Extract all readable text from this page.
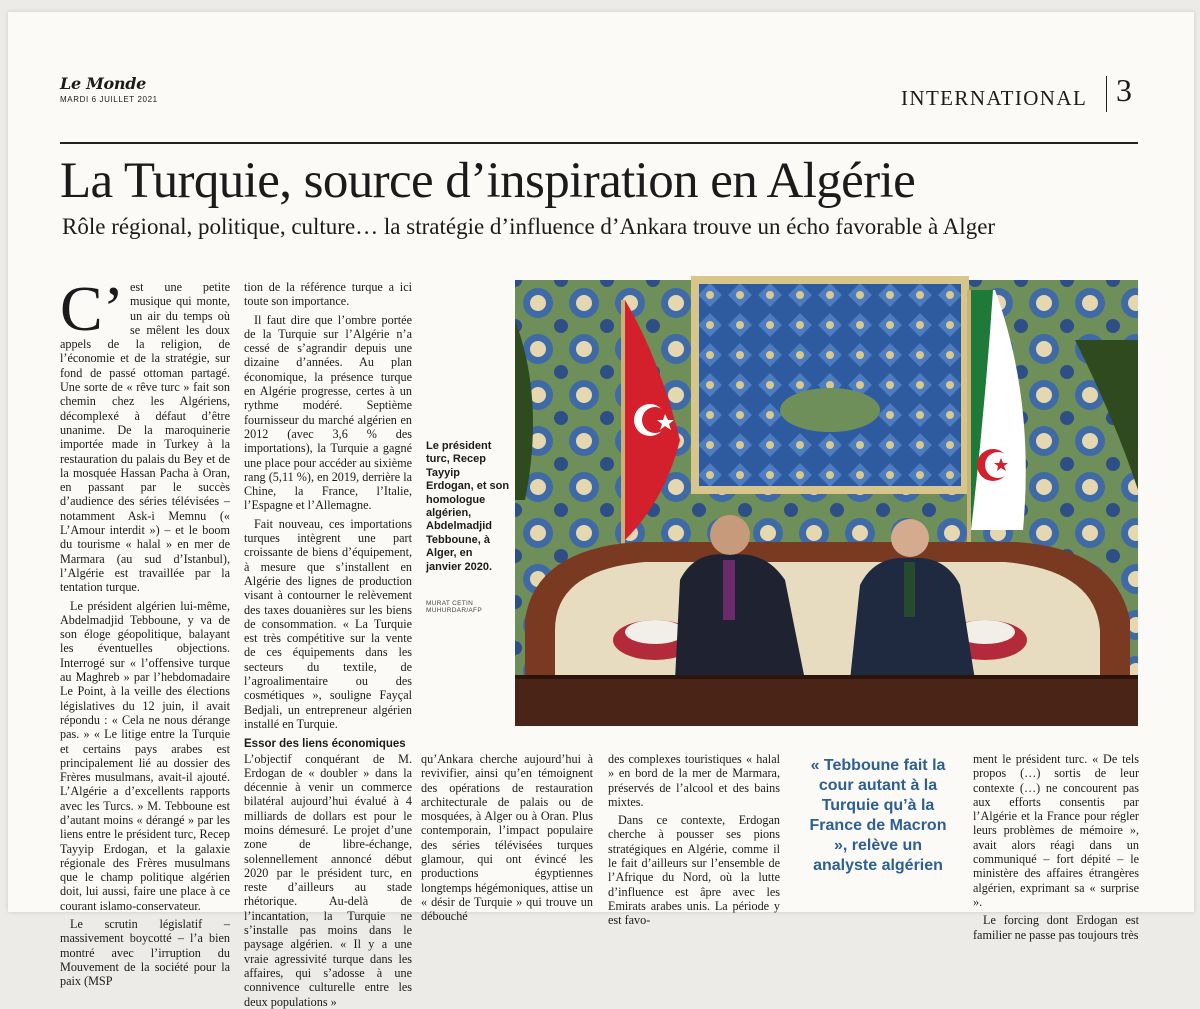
Le Monde
MARDI 6 JUILLET 2021	INTERNATIONAL 3
La Turquie, source d’inspiration en Algérie

Rôle régional, politique, culture… la stratégie d’influence d’Ankara trouve un écho favorable à Alger

C’ est une petite musique qui monte, un air du temps où se mêlent les doux appels de la religion, de l’économie et de la stratégie, sur fond de passé ottoman partagé. Une sorte de « rêve turc » fait son chemin chez les Algériens, décomplexé à défaut d’être unanime. De la maroquinerie importée made in Turkey à la restauration du palais du Bey et de la mosquée Hassan Pacha à Oran, en passant par le succès d’audience des séries télévisées – notamment Ask-i Memnu (« L’Amour interdit ») – et le boom du tourisme « halal » en mer de Marmara (au sud d’Istanbul), l’Algérie est travaillée par la tentation turque.

Le président algérien lui-même, Abdelmadjid Tebboune, y va de son éloge géopolitique, balayant les éventuelles objections. Interrogé sur « l’offensive turque au Maghreb » par l’hebdomadaire Le Point, à la veille des élections législatives du 12 juin, il avait répondu : « Cela ne nous dérange pas. » « Le litige entre la Turquie et certains pays arabes est principalement lié au dossier des Frères musulmans, avait-il ajouté. L’Algérie a d’excellents rapports avec les Turcs. » M. Tebboune est d’autant moins « dérangé » par les liens entre le président turc, Recep Tayyip Erdogan, et la galaxie régionale des Frères musulmans que le champ politique algérien doit, lui aussi, faire une place à ce courant islamo-conservateur.

Le scrutin législatif – massivement boycotté – l’a bien montré avec l’irruption du Mouvement de la société pour la paix (MSP

tion de la référence turque a ici toute son importance.

Il faut dire que l’ombre portée de la Turquie sur l’Algérie n’a cessé de s’agrandir depuis une dizaine d’années. Au plan économique, la présence turque en Algérie progresse, certes à un rythme modéré. Septième fournisseur du marché algérien en 2012 (avec 3,6 % des importations), la Turquie a gagné une place pour accéder au sixième rang (5,11 %), en 2019, derrière la Chine, la France, l’Italie, l’Espagne et l’Allemagne.

Fait nouveau, ces importations turques intègrent une part croissante de biens d’équipement, à mesure que s’installent en Algérie des lignes de production visant à contourner le relèvement des taxes douanières sur les biens de consommation. « La Turquie est très compétitive sur la vente de ces équipements dans les secteurs du textile, de l’agroalimentaire ou des cosmétiques », souligne Fayçal Bedjali, un entrepreneur algérien installé en Turquie.

Essor des liens économiques

L’objectif conquérant de M. Erdogan de « doubler » dans la décennie à venir un commerce bilatéral aujourd’hui évalué à 4 milliards de dollars est pour le moins démesuré. Le projet d’une zone de libre-échange, solennellement annoncé début 2020 par le président turc, en reste d’ailleurs au stade rhétorique. Au-delà de l’incantation, la Turquie ne s’installe pas moins dans le paysage algérien. « Il y a une vraie agressivité turque dans les affaires, qui s’adosse à une connivence culturelle entre les deux populations »

Le président turc, Recep Tayyip Erdogan, et son homologue algérien, Abdelmadjid Tebboune, à Alger, en janvier 2020.
MURAT CETIN MUHURDAR/AFP

qu’Ankara cherche aujourd’hui à revivifier, ainsi qu’en témoignent des opérations de restauration architecturale de palais ou de mosquées, à Alger ou à Oran. Plus contemporain, l’impact populaire des séries télévisées turques glamour, qui ont évincé les productions égyptiennes longtemps hégémoniques, attise un « désir de Turquie » qui trouve un débouché

des complexes touristiques « halal » en bord de la mer de Marmara, préservés de l’alcool et des bains mixtes.

Dans ce contexte, Erdogan cherche à pousser ses pions stratégiques en Algérie, comme il le fait d’ailleurs sur l’ensemble de l’Afrique du Nord, où la lutte d’influence est âpre avec les Emirats arabes unis. La période y est favo-

« Tebboune fait la cour autant à la Turquie qu’à la France de Macron », relève un analyste algérien

ment le président turc. « De tels propos (…) sortis de leur contexte (…) ne concourent pas aux efforts consentis par l’Algérie et la France pour régler leurs problèmes de mémoire », avait alors réagi dans un communiqué – fort dépité – le ministère des affaires étrangères algérien, exprimant sa « surprise ».

Le forcing dont Erdogan est familier ne passe pas toujours très
